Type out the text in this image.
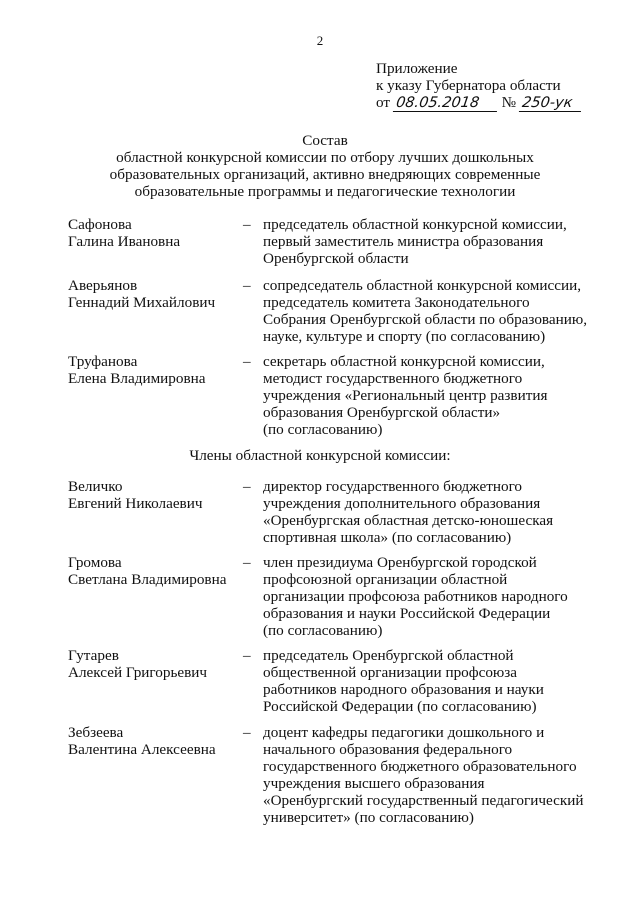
2
Приложение
к указу Губернатора области
от 08.05.2018 № 250-ук
Состав
областной конкурсной комиссии по отбору лучших дошкольных
образовательных организаций, активно внедряющих современные
образовательные программы и педагогические технологии
Сафонова
Галина Ивановна
– председатель областной конкурсной комиссии,
первый заместитель министра образования
Оренбургской области
Аверьянов
Геннадий Михайлович
– сопредседатель областной конкурсной комиссии,
председатель комитета Законодательного
Собрания Оренбургской области по образованию,
науке, культуре и спорту (по согласованию)
Труфанова
Елена Владимировна
– секретарь областной конкурсной комиссии,
методист государственного бюджетного
учреждения «Региональный центр развития
образования Оренбургской области»
(по согласованию)
Члены областной конкурсной комиссии:
Величко
Евгений Николаевич
– директор государственного бюджетного
учреждения дополнительного образования
«Оренбургская областная детско-юношеская
спортивная школа» (по согласованию)
Громова
Светлана Владимировна
– член президиума Оренбургской городской
профсоюзной организации областной
организации профсоюза работников народного
образования и науки Российской Федерации
(по согласованию)
Гутарев
Алексей Григорьевич
– председатель Оренбургской областной
общественной организации профсоюза
работников народного образования и науки
Российской Федерации (по согласованию)
Зебзеева
Валентина Алексеевна
– доцент кафедры педагогики дошкольного и
начального образования федерального
государственного бюджетного образовательного
учреждения высшего образования
«Оренбургский государственный педагогический
университет» (по согласованию)
